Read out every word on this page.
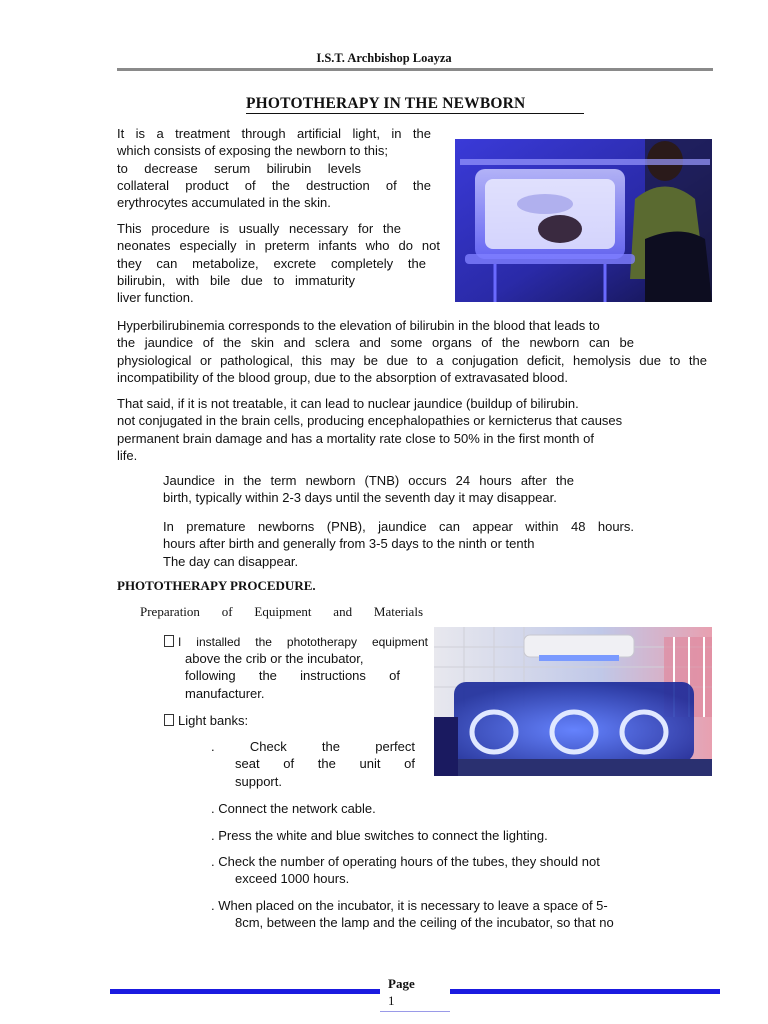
I.S.T. Archbishop Loayza
PHOTOTHERAPY IN THE NEWBORN
It is a treatment through artificial light, in the
which consists of exposing the newborn to this;
to decrease serum bilirubin levels
collateral product of the destruction of the
erythrocytes accumulated in the skin.
This procedure is usually necessary for the
neonates especially in preterm infants who do not
they can metabolize, excrete completely the
bilirubin, with bile due to immaturity
liver function.
Hyperbilirubinemia corresponds to the elevation of bilirubin in the blood that leads to
the jaundice of the skin and sclera and some organs of the newborn can be
physiological or pathological, this may be due to a conjugation deficit, hemolysis due to the
incompatibility of the blood group, due to the absorption of extravasated blood.
That said, if it is not treatable, it can lead to nuclear jaundice (buildup of bilirubin.
not conjugated in the brain cells, producing encephalopathies or kernicterus that causes
permanent brain damage and has a mortality rate close to 50% in the first month of
life.
Jaundice in the term newborn (TNB) occurs 24 hours after the
birth, typically within 2-3 days until the seventh day it may disappear.
In premature newborns (PNB), jaundice can appear within 48 hours.
hours after birth and generally from 3-5 days to the ninth or tenth
The day can disappear.
PHOTOTHERAPY PROCEDURE.
Preparation of Equipment and Materials
I installed the phototherapy equipment
above the crib or the incubator,
following the instructions of
manufacturer.
Light banks:
. Check the perfect
seat of the unit of
support.
. Connect the network cable.
. Press the white and blue switches to connect the lighting.
. Check the number of operating hours of the tubes, they should not
exceed 1000 hours.
. When placed on the incubator, it is necessary to leave a space of 5-
8cm, between the lamp and the ceiling of the incubator, so that no
Page
1
